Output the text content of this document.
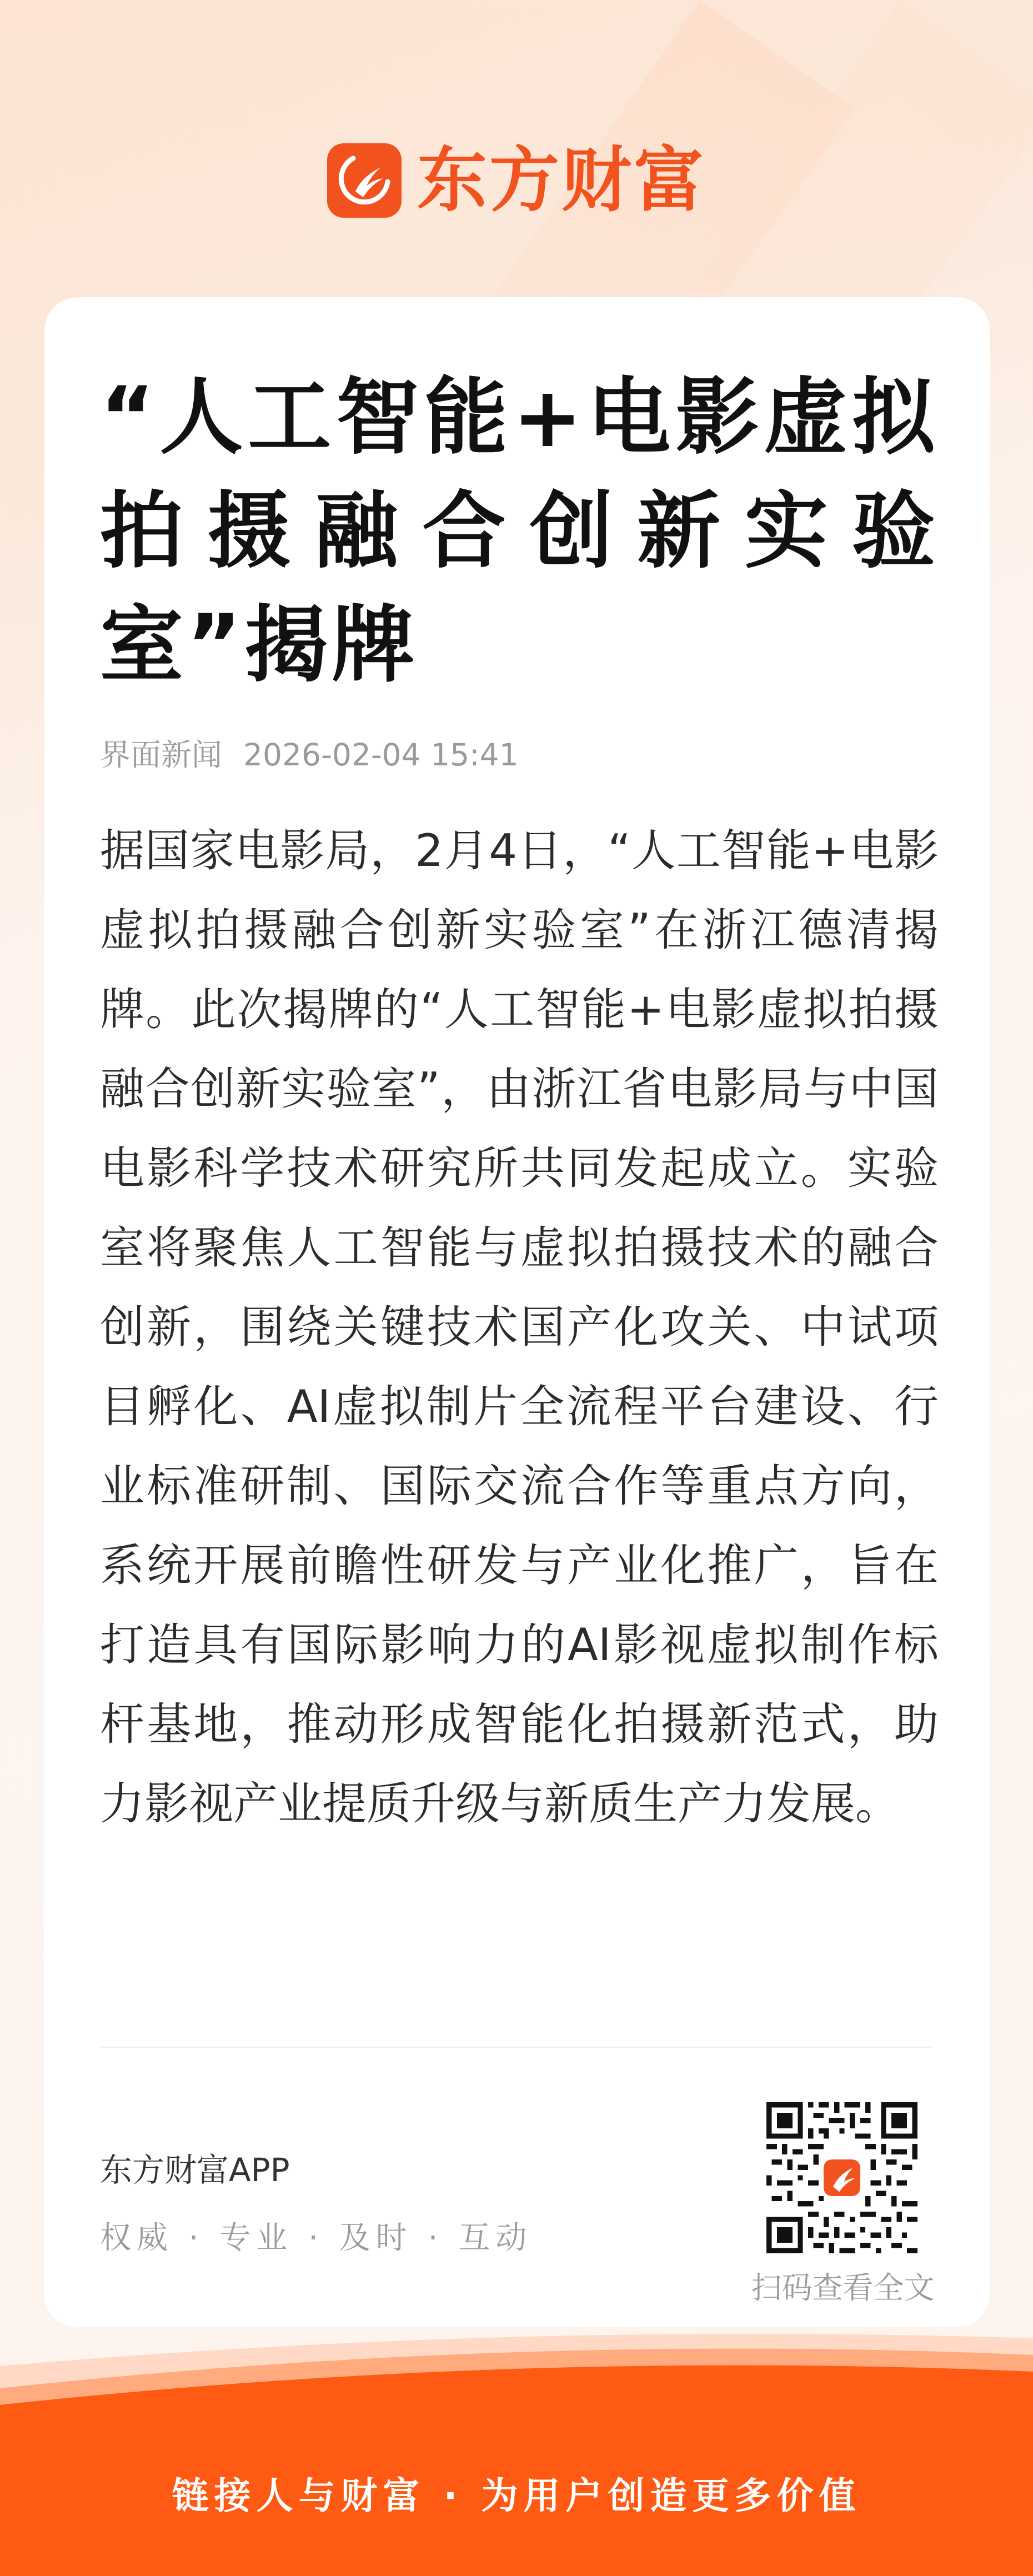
东方财富
“人工智能+电影虚拟拍摄融合创新实验室”揭牌
界面新闻 2026-02-04 15:41

据国家电影局，2月4日，“人工智能+电影虚拟拍摄融合创新实验室”在浙江德清揭牌。此次揭牌的“人工智能+电影虚拟拍摄融合创新实验室”，由浙江省电影局与中国电影科学技术研究所共同发起成立。实验室将聚焦人工智能与虚拟拍摄技术的融合创新，围绕关键技术国产化攻关、中试项目孵化、AI虚拟制片全流程平台建设、行业标准研制、国际交流合作等重点方向，系统开展前瞻性研发与产业化推广，旨在打造具有国际影响力的AI影视虚拟制作标杆基地，推动形成智能化拍摄新范式，助力影视产业提质升级与新质生产力发展。

东方财富APP
权威 · 专业 · 及时 · 互动
扫码查看全文
链接人与财富 · 为用户创造更多价值
